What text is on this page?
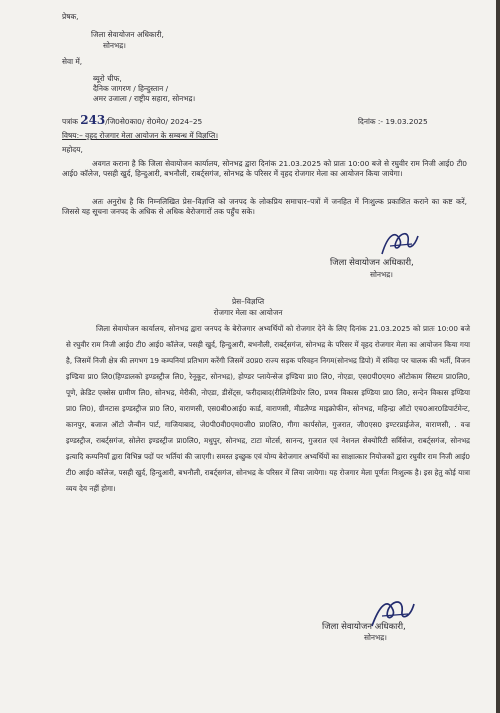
प्रेषक,
जिला सेवायोजन अधिकारी,
सोनभद्र।
सेवा में,
ब्यूरो चीफ,
दैनिक जागरण / हिन्दुस्तान /
अमर उजाला / राष्ट्रीय सहारा, सोनभद्र।
पत्रांक 243/जि0से0का0/ रो0मे0/ 2024–25	दिनांक :- 19.03.2025
विषय:– वृहद रोजगार मेला आयोजन के सम्बन्ध में विज्ञप्ति।
महोदय,
अवगत कराना है कि जिला सेवायोजन कार्यालय, सोनभद्र द्वारा दिनांक 21.03.2025 को प्रातः 10:00 बजे से रघुवीर राम निजी आई0 टी0 आई0 कॉलेज, पसही खुर्द, हिन्दुआरी, बभनौली, राबर्ट्सगंज, सोनभद्र के परिसर में वृहद रोजगार मेला का आयोजन किया जायेगा।
अतः अनुरोध है कि निम्नलिखित प्रेस–विज्ञप्ति को जनपद के लोकप्रिय समाचार–पत्रों में जनहित में निःशुल्क प्रकाशित कराने का कष्ट करें, जिससे यह सूचना जनपद के अधिक से अधिक बेरोजगारों तक पहुँच सके।
जिला सेवायोजन अधिकारी,
सोनभद्र।
प्रेस–विज्ञप्ति
रोजगार मेला का आयोजन
जिला सेवायोजन कार्यालय, सोनभद्र द्वारा जनपद के बेरोजगार अभ्यर्थियों को रोजगार देने के लिए दिनांक 21.03.2025 को प्रातः 10:00 बजे से रघुवीर राम निजी आई0 टी0 आई0 कॉलेज, पसही खुर्द, हिन्दुआरी, बभनौली, राबर्ट्सगंज, सोनभद्र के परिसर में वृहद रोजगार मेला का आयोजन किया गया है, जिसमें निजी क्षेत्र की लगभग 19 कम्पनियां प्रतिभाग करेंगी जिसमें उ0प्र0 राज्य सड़क परिवहन निगम(सोनभद्र डिपो) में संविदा पर चालक की भर्ती, विजन इण्डिया प्रा0 लि0(हिण्डालको इण्डस्ट्रीज लि0, रेनूकूट, सोनभद्र), होण्डर प्लायेन्सेज इण्डिया प्रा0 लि0, नोएडा, एस0पी0एम0 ऑटोकाम सिस्टम प्रा0लि0, पूणे, क्रेडिट एक्सेस ग्रामीण लि0, सोनभद्र, मेरीकी, नोएडा, डीसेंट्स, फरीदाबाद(रीलिमेडियोर लि0, प्रणव विकास इण्डिया प्रा0 लि0, सन्देन विकास इण्डिया प्रा0 लि0), ग्रीनटास इण्डस्ट्रीज प्रा0 लि0, वाराणसी, एस0बी0आई0 कार्ड, वाराणसी, मीडलैण्ड माइक्रोफीन, सोनभद्र, महिन्द्रा ऑटो एच0आर0डिपार्टमेन्ट, कानपुर, बजाज ऑटो जैन्वीन पार्ट, गाजियाबाद, जे0पी0वी0एम0जी0 प्रा0लि0, गीगा कार्पसोल, गुजरात, जी0एस0 इण्टरप्राईजेज, वाराणसी, . वज्र इण्डस्ट्रीज, राबर्ट्सगंज, सोलेरा इण्डस्ट्रीज प्रा0लि0, मधुपुर, सोनभद्र, टाटा मोटर्स, सानन्द, गुजरात एवं नेशनल सेक्योरिटी सर्विसेज, राबर्ट्सगंज, सोनभद्र इत्यादि कम्पनियाँ द्वारा विभिन्न पदों पर भर्तियां की जाएगी। समस्त इच्छुक एवं योग्य बेरोजगार अभ्यर्थियों का साक्षात्कार नियोजकों द्वारा रघुवीर राम निजी आई0 टी0 आई0 कॉलेज, पसही खुर्द, हिन्दुआरी, बभनौली, राबर्ट्सगंज, सोनभद्र के परिसर में लिया जायेगा। यह रोजगार मेला पूर्णतः निःशुल्क है। इस हेतु कोई यात्रा व्यय देय नहीं होगा।
जिला सेवायोजन अधिकारी,
सोनभद्र।
